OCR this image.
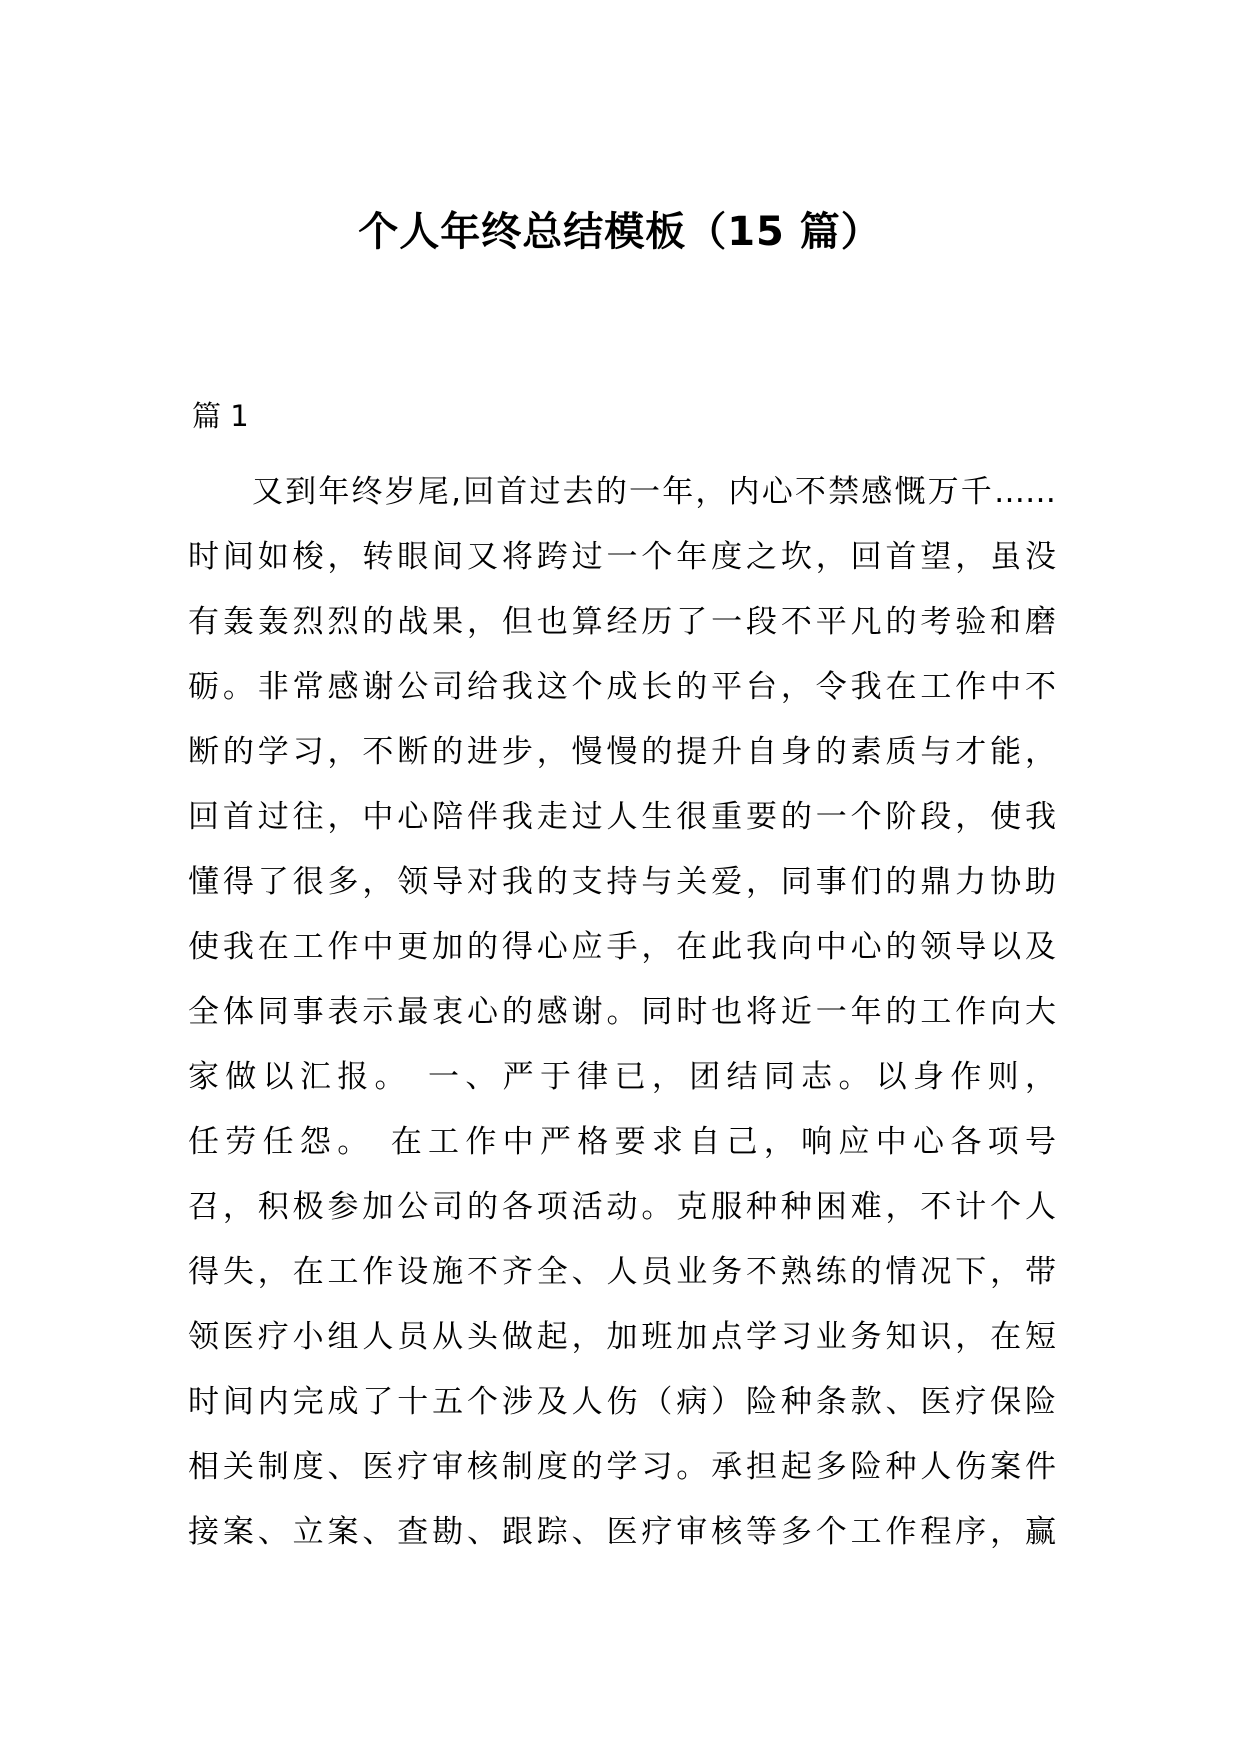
个人年终总结模板（15 篇）
篇 1
又到年终岁尾,回首过去的一年，内心不禁感慨万千……
时间如梭，转眼间又将跨过一个年度之坎，回首望，虽没
有轰轰烈烈的战果，但也算经历了一段不平凡的考验和磨
砺。非常感谢公司给我这个成长的平台，令我在工作中不
断的学习，不断的进步，慢慢的提升自身的素质与才能，
回首过往，中心陪伴我走过人生很重要的一个阶段，使我
懂得了很多，领导对我的支持与关爱，同事们的鼎力协助
使我在工作中更加的得心应手，在此我向中心的领导以及
全体同事表示最衷心的感谢。同时也将近一年的工作向大
家做以汇报。 一、严于律已，团结同志。以身作则，
任劳任怨。 在工作中严格要求自己，响应中心各项号
召，积极参加公司的各项活动。克服种种困难，不计个人
得失，在工作设施不齐全、人员业务不熟练的情况下，带
领医疗小组人员从头做起，加班加点学习业务知识，在短
时间内完成了十五个涉及人伤（病）险种条款、医疗保险
相关制度、医疗审核制度的学习。承担起多险种人伤案件
接案、立案、查勘、跟踪、医疗审核等多个工作程序，赢
